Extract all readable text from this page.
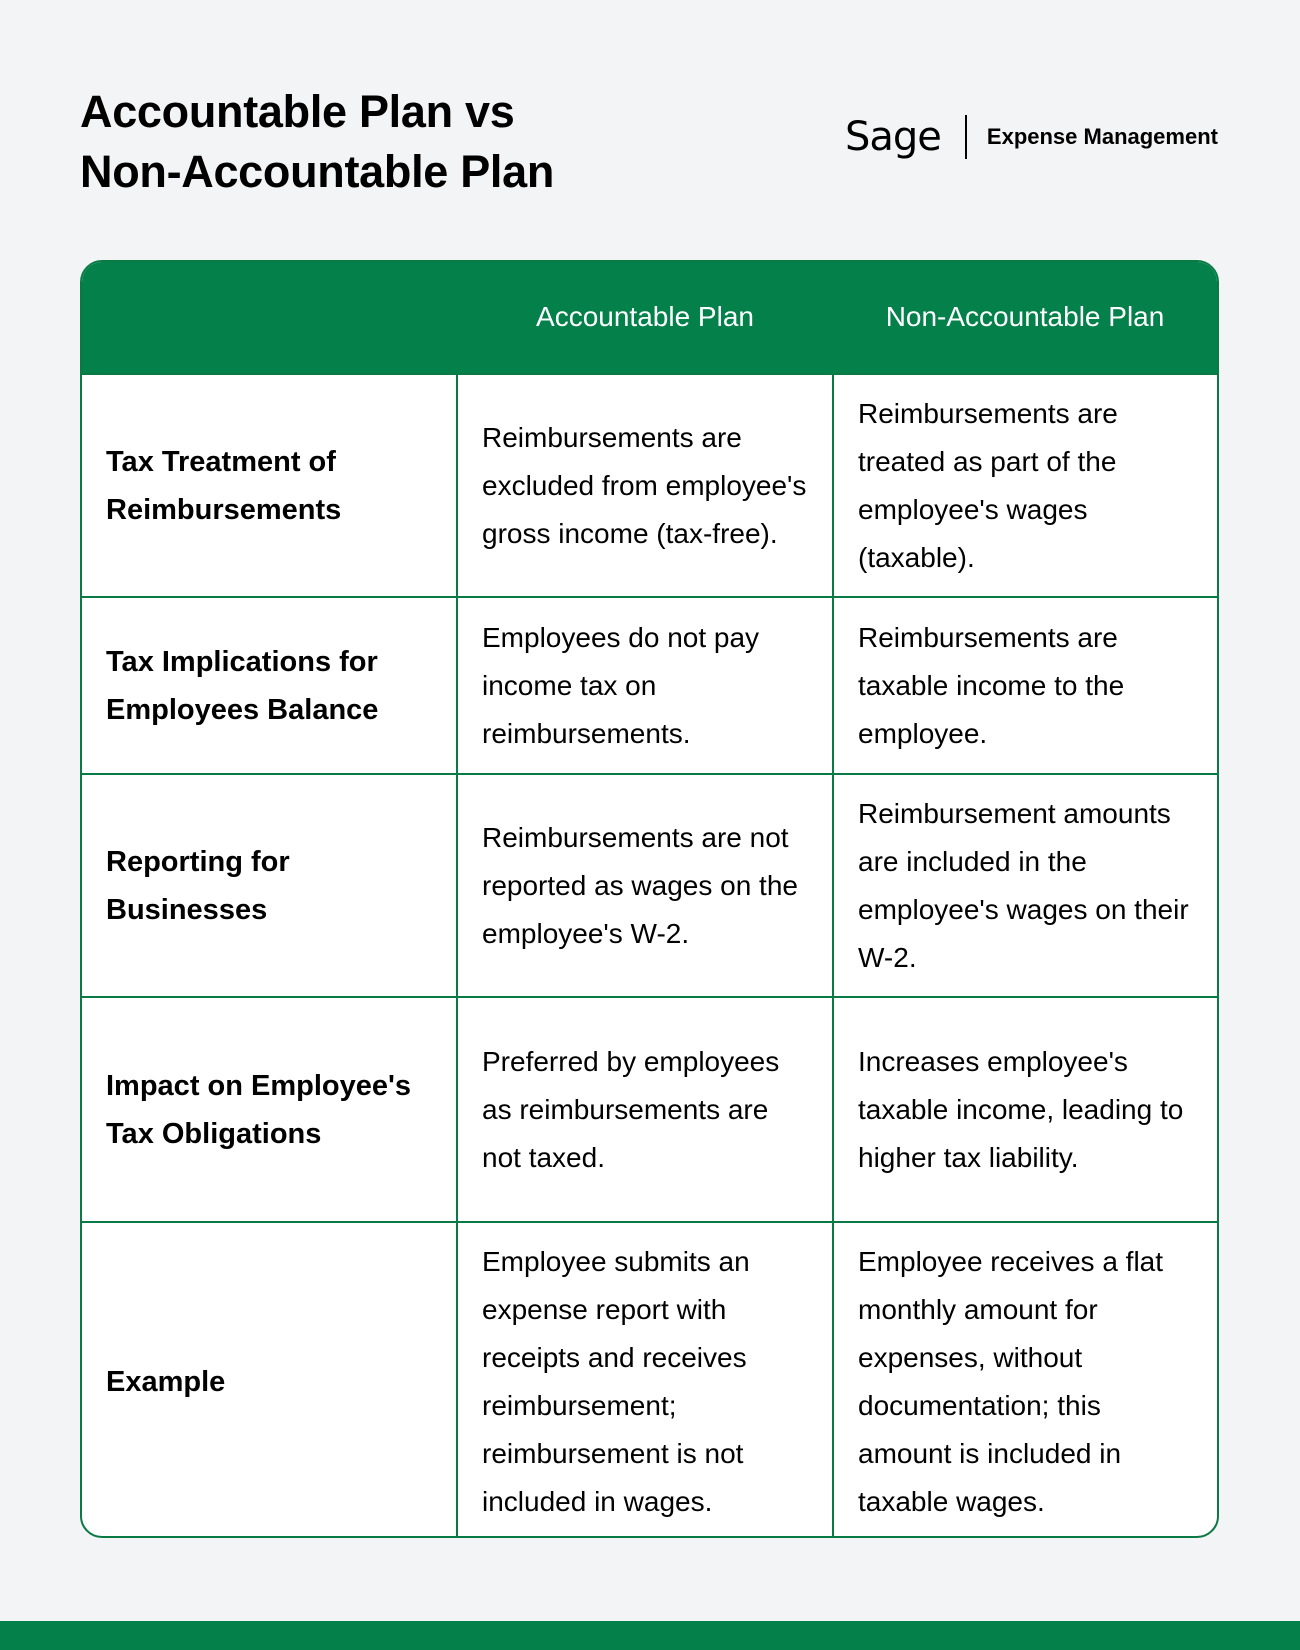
Accountable Plan vs
Non-Accountable Plan
Sage Expense Management
	Accountable Plan	Non-Accountable Plan
Tax Treatment of Reimbursements	Reimbursements are excluded from employee's gross income (tax-free).	Reimbursements are treated as part of the employee's wages (taxable).
Tax Implications for Employees Balance	Employees do not pay income tax on reimbursements.	Reimbursements are taxable income to the employee.
Reporting for Businesses	Reimbursements are not reported as wages on the employee's W-2.	Reimbursement amounts are included in the employee's wages on their W-2.
Impact on Employee's Tax Obligations	Preferred by employees as reimbursements are not taxed.	Increases employee's taxable income, leading to higher tax liability.
Example	Employee submits an expense report with receipts and receives reimbursement; reimbursement is not included in wages.	Employee receives a flat monthly amount for expenses, without documentation; this amount is included in taxable wages.
